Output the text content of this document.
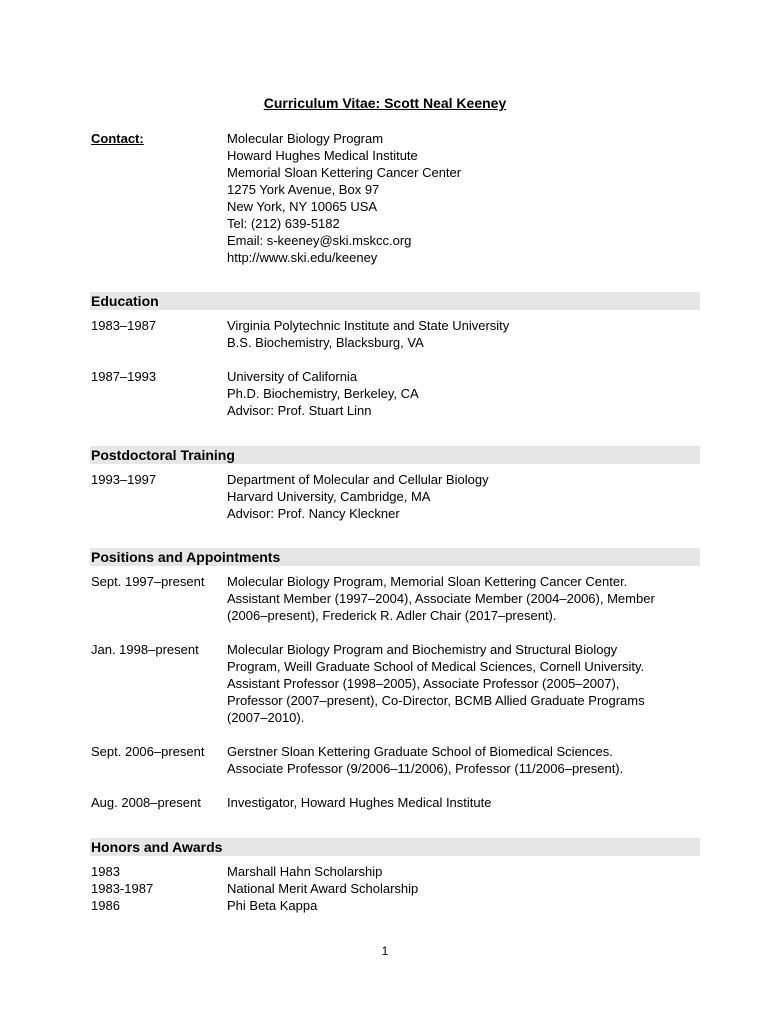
Curriculum Vitae: Scott Neal Keeney
Contact:	Molecular Biology Program
Howard Hughes Medical Institute
Memorial Sloan Kettering Cancer Center
1275 York Avenue, Box 97
New York, NY 10065 USA
Tel: (212) 639-5182
Email: s-keeney@ski.mskcc.org
http://www.ski.edu/keeney
Education
1983–1987	Virginia Polytechnic Institute and State University
B.S. Biochemistry, Blacksburg, VA
1987–1993	University of California
Ph.D. Biochemistry, Berkeley, CA
Advisor: Prof. Stuart Linn
Postdoctoral Training
1993–1997	Department of Molecular and Cellular Biology
Harvard University, Cambridge, MA
Advisor: Prof. Nancy Kleckner
Positions and Appointments
Sept. 1997–present Molecular Biology Program, Memorial Sloan Kettering Cancer Center.
Assistant Member (1997–2004), Associate Member (2004–2006), Member
(2006–present), Frederick R. Adler Chair (2017–present).
Jan. 1998–present Molecular Biology Program and Biochemistry and Structural Biology
Program, Weill Graduate School of Medical Sciences, Cornell University.
Assistant Professor (1998–2005), Associate Professor (2005–2007),
Professor (2007–present), Co-Director, BCMB Allied Graduate Programs
(2007–2010).
Sept. 2006–present Gerstner Sloan Kettering Graduate School of Biomedical Sciences.
Associate Professor (9/2006–11/2006), Professor (11/2006–present).
Aug. 2008–present Investigator, Howard Hughes Medical Institute
Honors and Awards
1983	Marshall Hahn Scholarship
1983-1987	National Merit Award Scholarship
1986	Phi Beta Kappa
1
